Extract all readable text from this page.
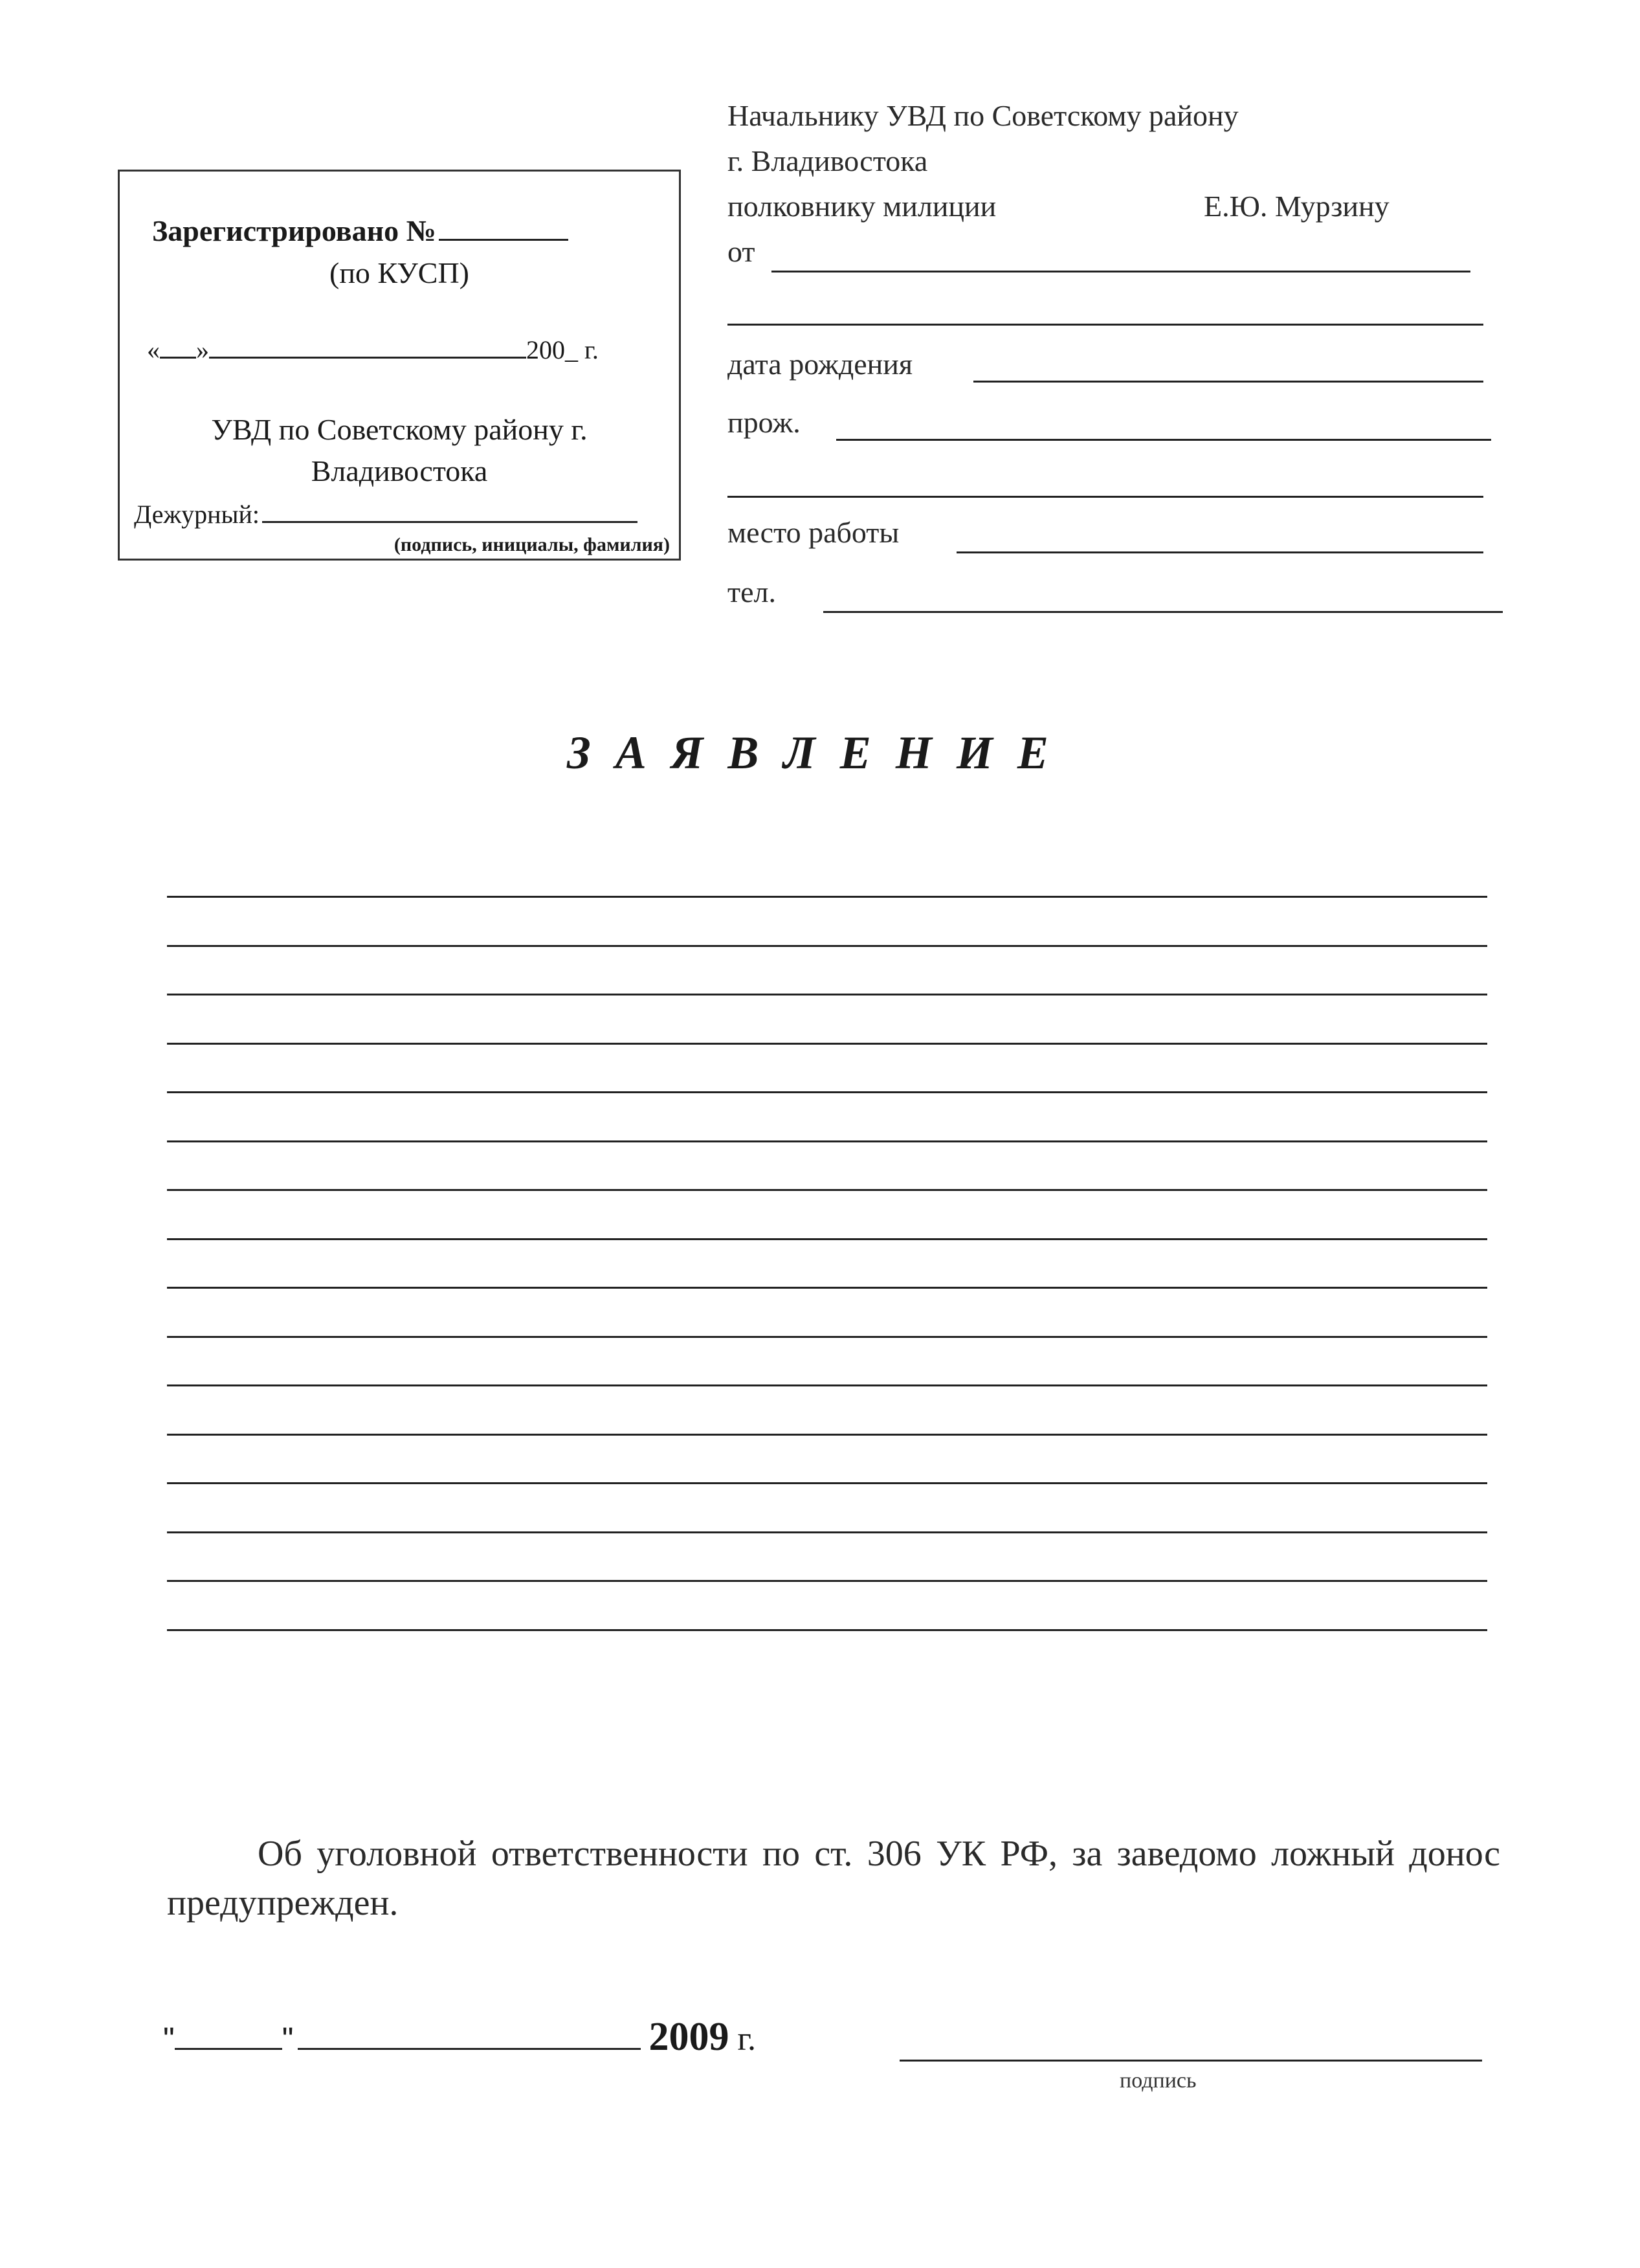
Зарегистрировано №
(по КУСП)
« »	200_ г.
УВД по Советскому району г.
Владивостока
Дежурный:
(подпись, инициалы, фамилия)
Начальнику УВД по Советскому району
г. Владивостока
полковнику милиции	Е.Ю. Мурзину
от
дата рождения
прож.
место работы
тел.
ЗАЯВЛЕНИЕ
Об уголовной ответственности по ст. 306 УК РФ, за заведомо ложный донос предупрежден.
"	"	2009 г.
подпись
